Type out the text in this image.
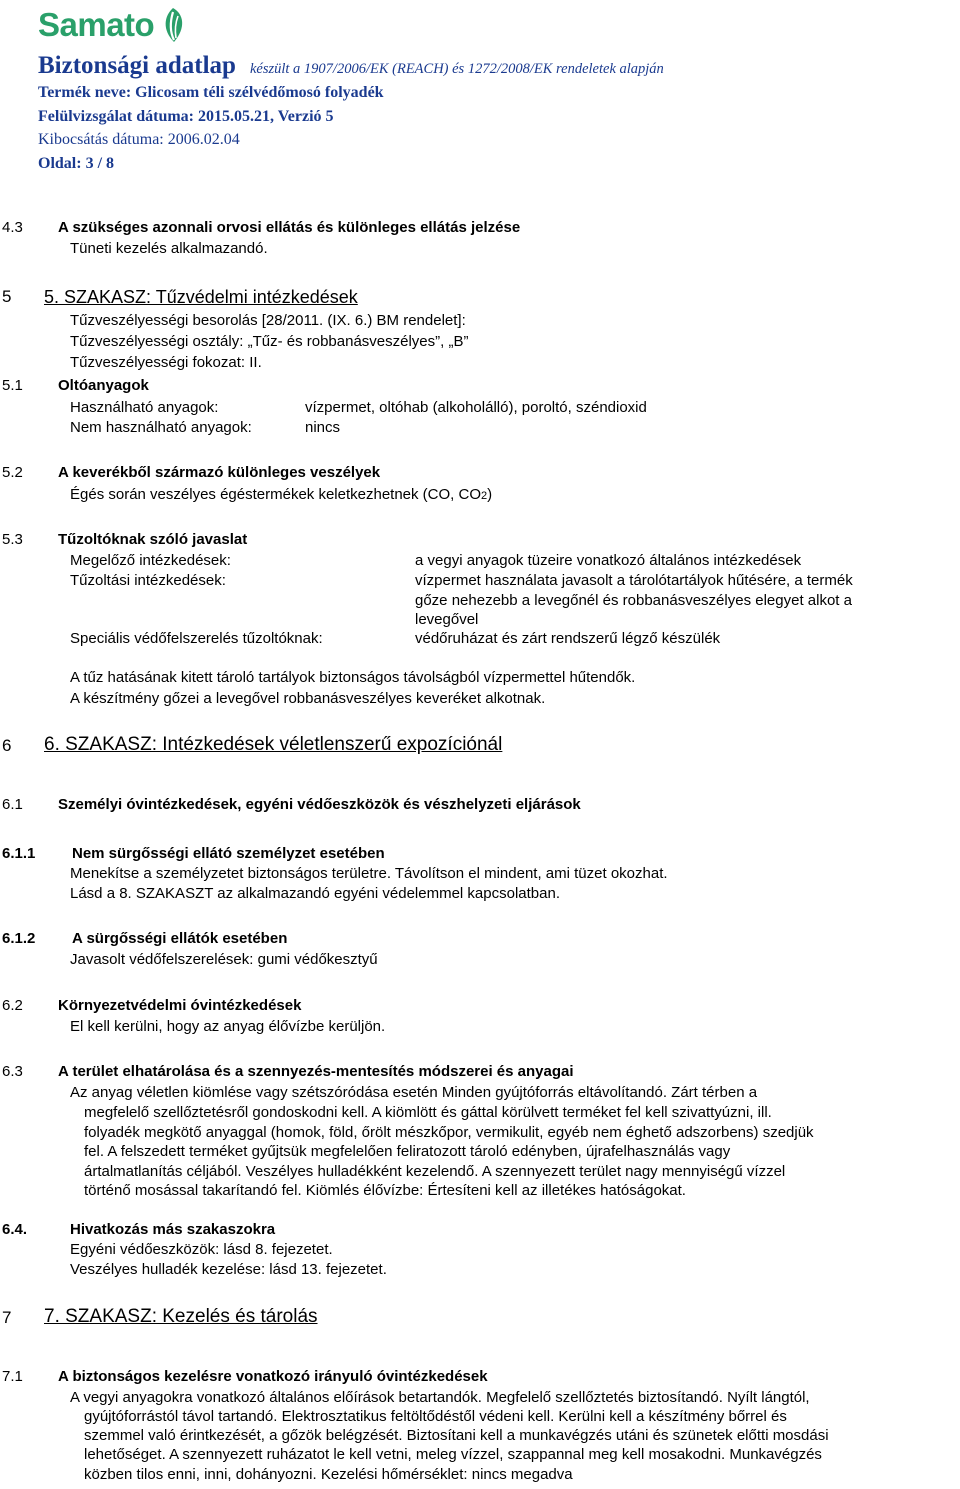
Samato
Biztonsági adatlap készült a 1907/2006/EK (REACH) és 1272/2008/EK rendeletek alapján
Termék neve: Glicosam téli szélvédőmosó folyadék
Felülvizsgálat dátuma: 2015.05.21, Verzió 5
Kibocsátás dátuma: 2006.02.04
Oldal: 3 / 8
4.3 A szükséges azonnali orvosi ellátás és különleges ellátás jelzése
Tüneti kezelés alkalmazandó.
5 5. SZAKASZ: Tűzvédelmi intézkedések
Tűzveszélyességi besorolás [28/2011. (IX. 6.) BM rendelet]:
Tűzveszélyességi osztály: „Tűz- és robbanásveszélyes”, „B”
Tűzveszélyességi fokozat: II.
5.1 Oltóanyagok
Használható anyagok:	vízpermet, oltóhab (alkoholálló), poroltó, széndioxid
Nem használható anyagok:	nincs
5.2 A keverékből származó különleges veszélyek
Égés során veszélyes égéstermékek keletkezhetnek (CO, CO2)
5.3 Tűzoltóknak szóló javaslat
Megelőző intézkedések:	a vegyi anyagok tüzeire vonatkozó általános intézkedések
Tűzoltási intézkedések:	vízpermet használata javasolt a tárolótartályok hűtésére, a termék
gőze nehezebb a levegőnél és robbanásveszélyes elegyet alkot a
levegővel
Speciális védőfelszerelés tűzoltóknak:	védőruházat és zárt rendszerű légző készülék
A tűz hatásának kitett tároló tartályok biztonságos távolságból vízpermettel hűtendők.
A készítmény gőzei a levegővel robbanásveszélyes keveréket alkotnak.
6 6. SZAKASZ: Intézkedések véletlenszerű expozíciónál
6.1 Személyi óvintézkedések, egyéni védőeszközök és vészhelyzeti eljárások
6.1.1 Nem sürgősségi ellátó személyzet esetében
Menekítse a személyzetet biztonságos területre. Távolítson el mindent, ami tüzet okozhat.
Lásd a 8. SZAKASZT az alkalmazandó egyéni védelemmel kapcsolatban.
6.1.2 A sürgősségi ellátók esetében
Javasolt védőfelszerelések: gumi védőkesztyű
6.2 Környezetvédelmi óvintézkedések
El kell kerülni, hogy az anyag élővízbe kerüljön.
6.3 A terület elhatárolása és a szennyezés-mentesítés módszerei és anyagai
Az anyag véletlen kiömlése vagy szétszóródása esetén Minden gyújtóforrás eltávolítandó. Zárt térben a
megfelelő szellőztetésről gondoskodni kell. A kiömlött és gáttal körülvett terméket fel kell szivattyúzni, ill.
folyadék megkötő anyaggal (homok, föld, őrölt mészkőpor, vermikulit, egyéb nem éghető adszorbens) szedjük
fel. A felszedett terméket gyűjtsük megfelelően feliratozott tároló edényben, újrafelhasználás vagy
ártalmatlanítás céljából. Veszélyes hulladékként kezelendő. A szennyezett terület nagy mennyiségű vízzel
történő mosással takarítandó fel. Kiömlés élővízbe: Értesíteni kell az illetékes hatóságokat.
6.4.	Hivatkozás más szakaszokra
Egyéni védőeszközök: lásd 8. fejezetet.
Veszélyes hulladék kezelése: lásd 13. fejezetet.
7 7. SZAKASZ: Kezelés és tárolás
7.1 A biztonságos kezelésre vonatkozó irányuló óvintézkedések
A vegyi anyagokra vonatkozó általános előírások betartandók. Megfelelő szellőztetés biztosítandó. Nyílt lángtól,
gyújtóforrástól távol tartandó. Elektrosztatikus feltöltődéstől védeni kell. Kerülni kell a készítmény bőrrel és
szemmel való érintkezését, a gőzök belégzését. Biztosítani kell a munkavégzés utáni és szünetek előtti mosdási
lehetőséget. A szennyezett ruházatot le kell vetni, meleg vízzel, szappannal meg kell mosakodni. Munkavégzés
közben tilos enni, inni, dohányozni. Kezelési hőmérséklet: nincs megadva
